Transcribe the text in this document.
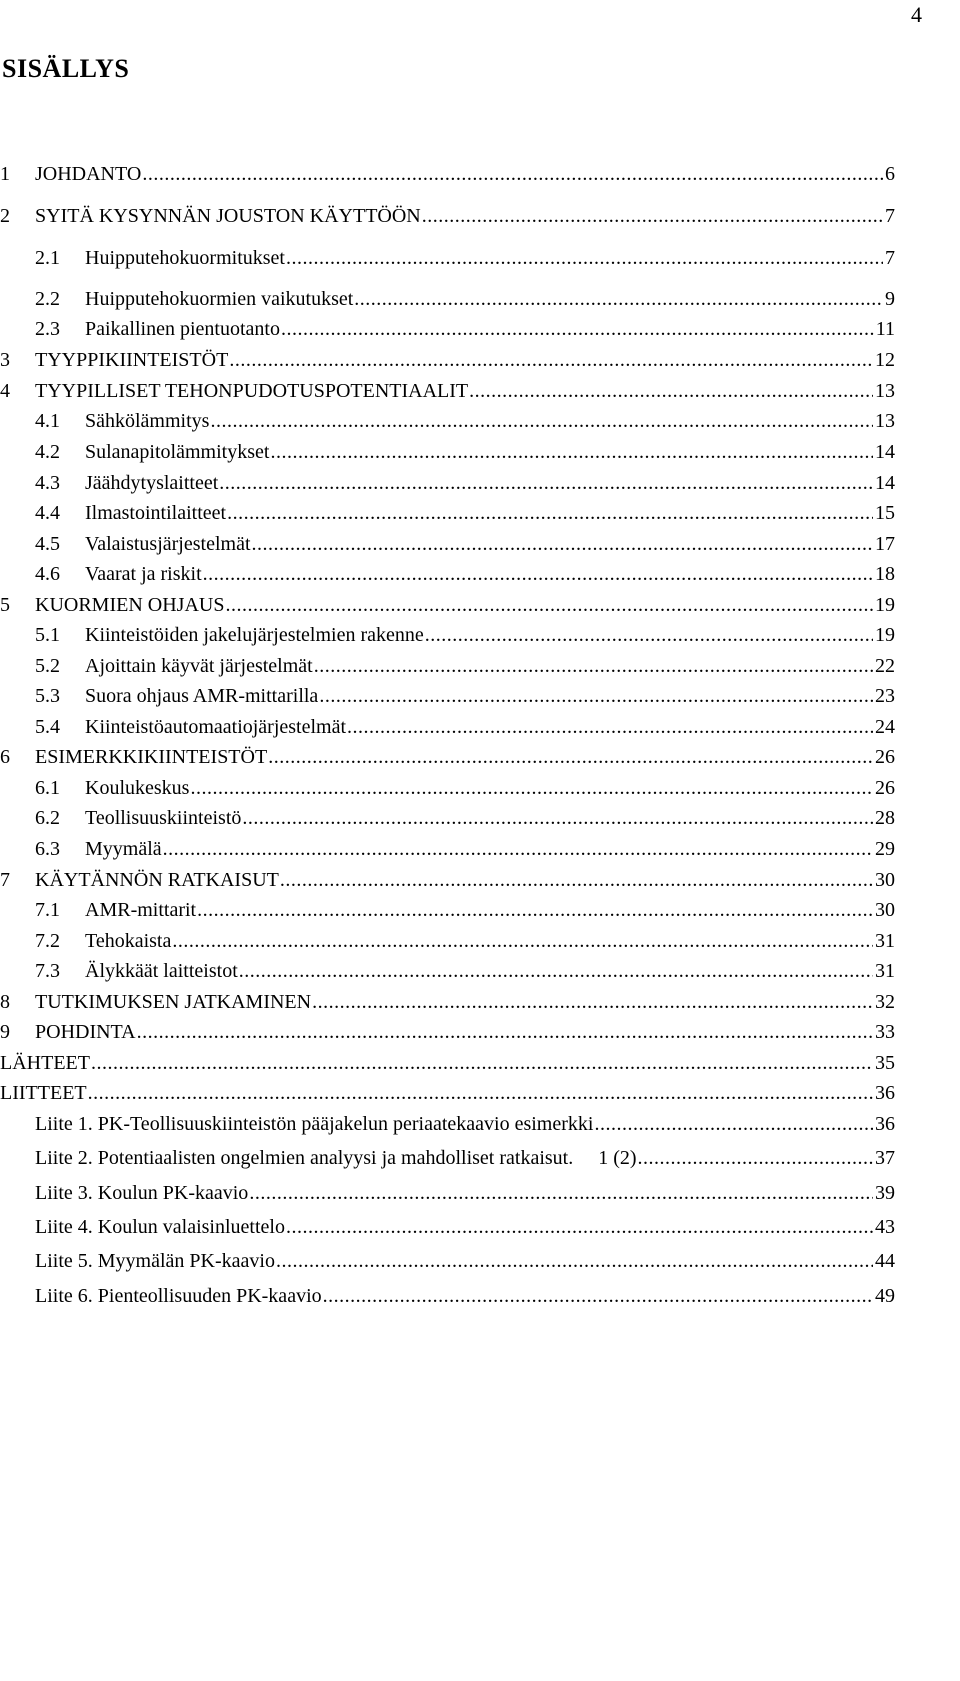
4
SISÄLLYS
1	JOHDANTO .....	6
2	SYITÄ KYSYNNÄN JOUSTON KÄYTTÖÖN .....	7
2.1	Huipputehokuormitukset .....	7
2.2	Huipputehokuormien vaikutukset .....	9
2.3	Paikallinen pientuotanto .....	11
3	TYYPPIKIINTEISTÖT .....	12
4	TYYPILLISET TEHONPUDOTUSPOTENTIAALIT .....	13
4.1	Sähkölämmitys .....	13
4.2	Sulanapitolämmitykset .....	14
4.3	Jäähdytyslaitteet .....	14
4.4	Ilmastointilaitteet .....	15
4.5	Valaistusjärjestelmät .....	17
4.6	Vaarat ja riskit .....	18
5	KUORMIEN OHJAUS .....	19
5.1	Kiinteistöiden jakelujärjestelmien rakenne .....	19
5.2	Ajoittain käyvät järjestelmät .....	22
5.3	Suora ohjaus AMR-mittarilla .....	23
5.4	Kiinteistöautomaatiojärjestelmät .....	24
6	ESIMERKKIKIINTEISTÖT .....	26
6.1	Koulukeskus .....	26
6.2	Teollisuuskiinteistö .....	28
6.3	Myymälä .....	29
7	KÄYTÄNNÖN RATKAISUT .....	30
7.1	AMR-mittarit .....	30
7.2	Tehokaista .....	31
7.3	Älykkäät laitteistot .....	31
8	TUTKIMUKSEN JATKAMINEN .....	32
9	POHDINTA .....	33
LÄHTEET .....	35
LIITTEET .....	36
Liite 1. PK-Teollisuuskiinteistön pääjakelun periaatekaavio esimerkki .....	36
Liite 2. Potentiaalisten ongelmien analyysi ja mahdolliset ratkaisut.     1 (2) .....	37
Liite 3. Koulun PK-kaavio .....	39
Liite 4. Koulun valaisinluettelo .....	43
Liite 5. Myymälän PK-kaavio .....	44
Liite 6. Pienteollisuuden PK-kaavio .....	49
